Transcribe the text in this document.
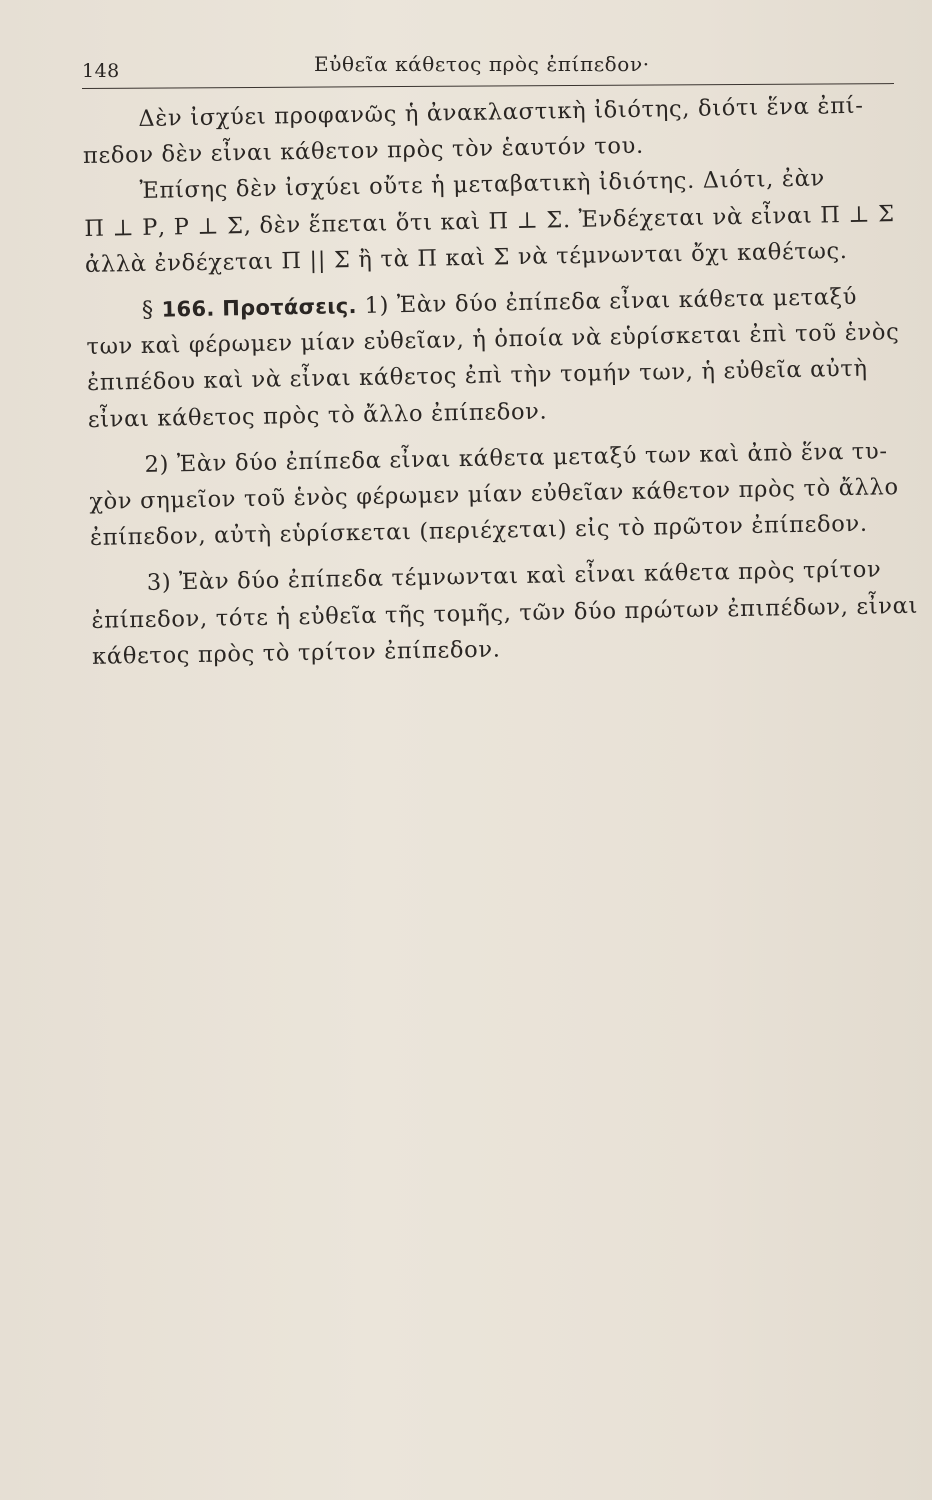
148	Εὐθεῖα κάθετος πρὸς ἐπίπεδον·
Δὲν ἰσχύει προφανῶς ἡ ἀνακλαστικὴ ἰδιότης, διότι ἕνα ἐπί-
πεδον δὲν εἶναι κάθετον πρὸς τὸν ἑαυτόν του.
Ἐπίσης δὲν ἰσχύει οὔτε ἡ μεταβατικὴ ἰδιότης. Διότι, ἐὰν
Π ⊥ Ρ, Ρ ⊥ Σ, δὲν ἕπεται ὅτι καὶ Π ⊥ Σ. Ἐνδέχεται νὰ εἶναι Π ⊥ Σ
ἀλλὰ ἐνδέχεται Π || Σ ἢ τὰ Π καὶ Σ νὰ τέμνωνται ὄχι καθέτως.
§ 166. Προτάσεις. 1) Ἐὰν δύο ἐπίπεδα εἶναι κάθετα μεταξύ
των καὶ φέρωμεν μίαν εὐθεῖαν, ἡ ὁποία νὰ εὑρίσκεται ἐπὶ τοῦ ἑνὸς
ἐπιπέδου καὶ νὰ εἶναι κάθετος ἐπὶ τὴν τομήν των, ἡ εὐθεῖα αὐτὴ
εἶναι κάθετος πρὸς τὸ ἄλλο ἐπίπεδον.
2) Ἐὰν δύο ἐπίπεδα εἶναι κάθετα μεταξύ των καὶ ἀπὸ ἕνα τυ-
χὸν σημεῖον τοῦ ἑνὸς φέρωμεν μίαν εὐθεῖαν κάθετον πρὸς τὸ ἄλλο
ἐπίπεδον, αὐτὴ εὑρίσκεται (περιέχεται) εἰς τὸ πρῶτον ἐπίπεδον.
3) Ἐὰν δύο ἐπίπεδα τέμνωνται καὶ εἶναι κάθετα πρὸς τρίτον
ἐπίπεδον, τότε ἡ εὐθεῖα τῆς τομῆς, τῶν δύο πρώτων ἐπιπέδων, εἶναι
κάθετος πρὸς τὸ τρίτον ἐπίπεδον.
